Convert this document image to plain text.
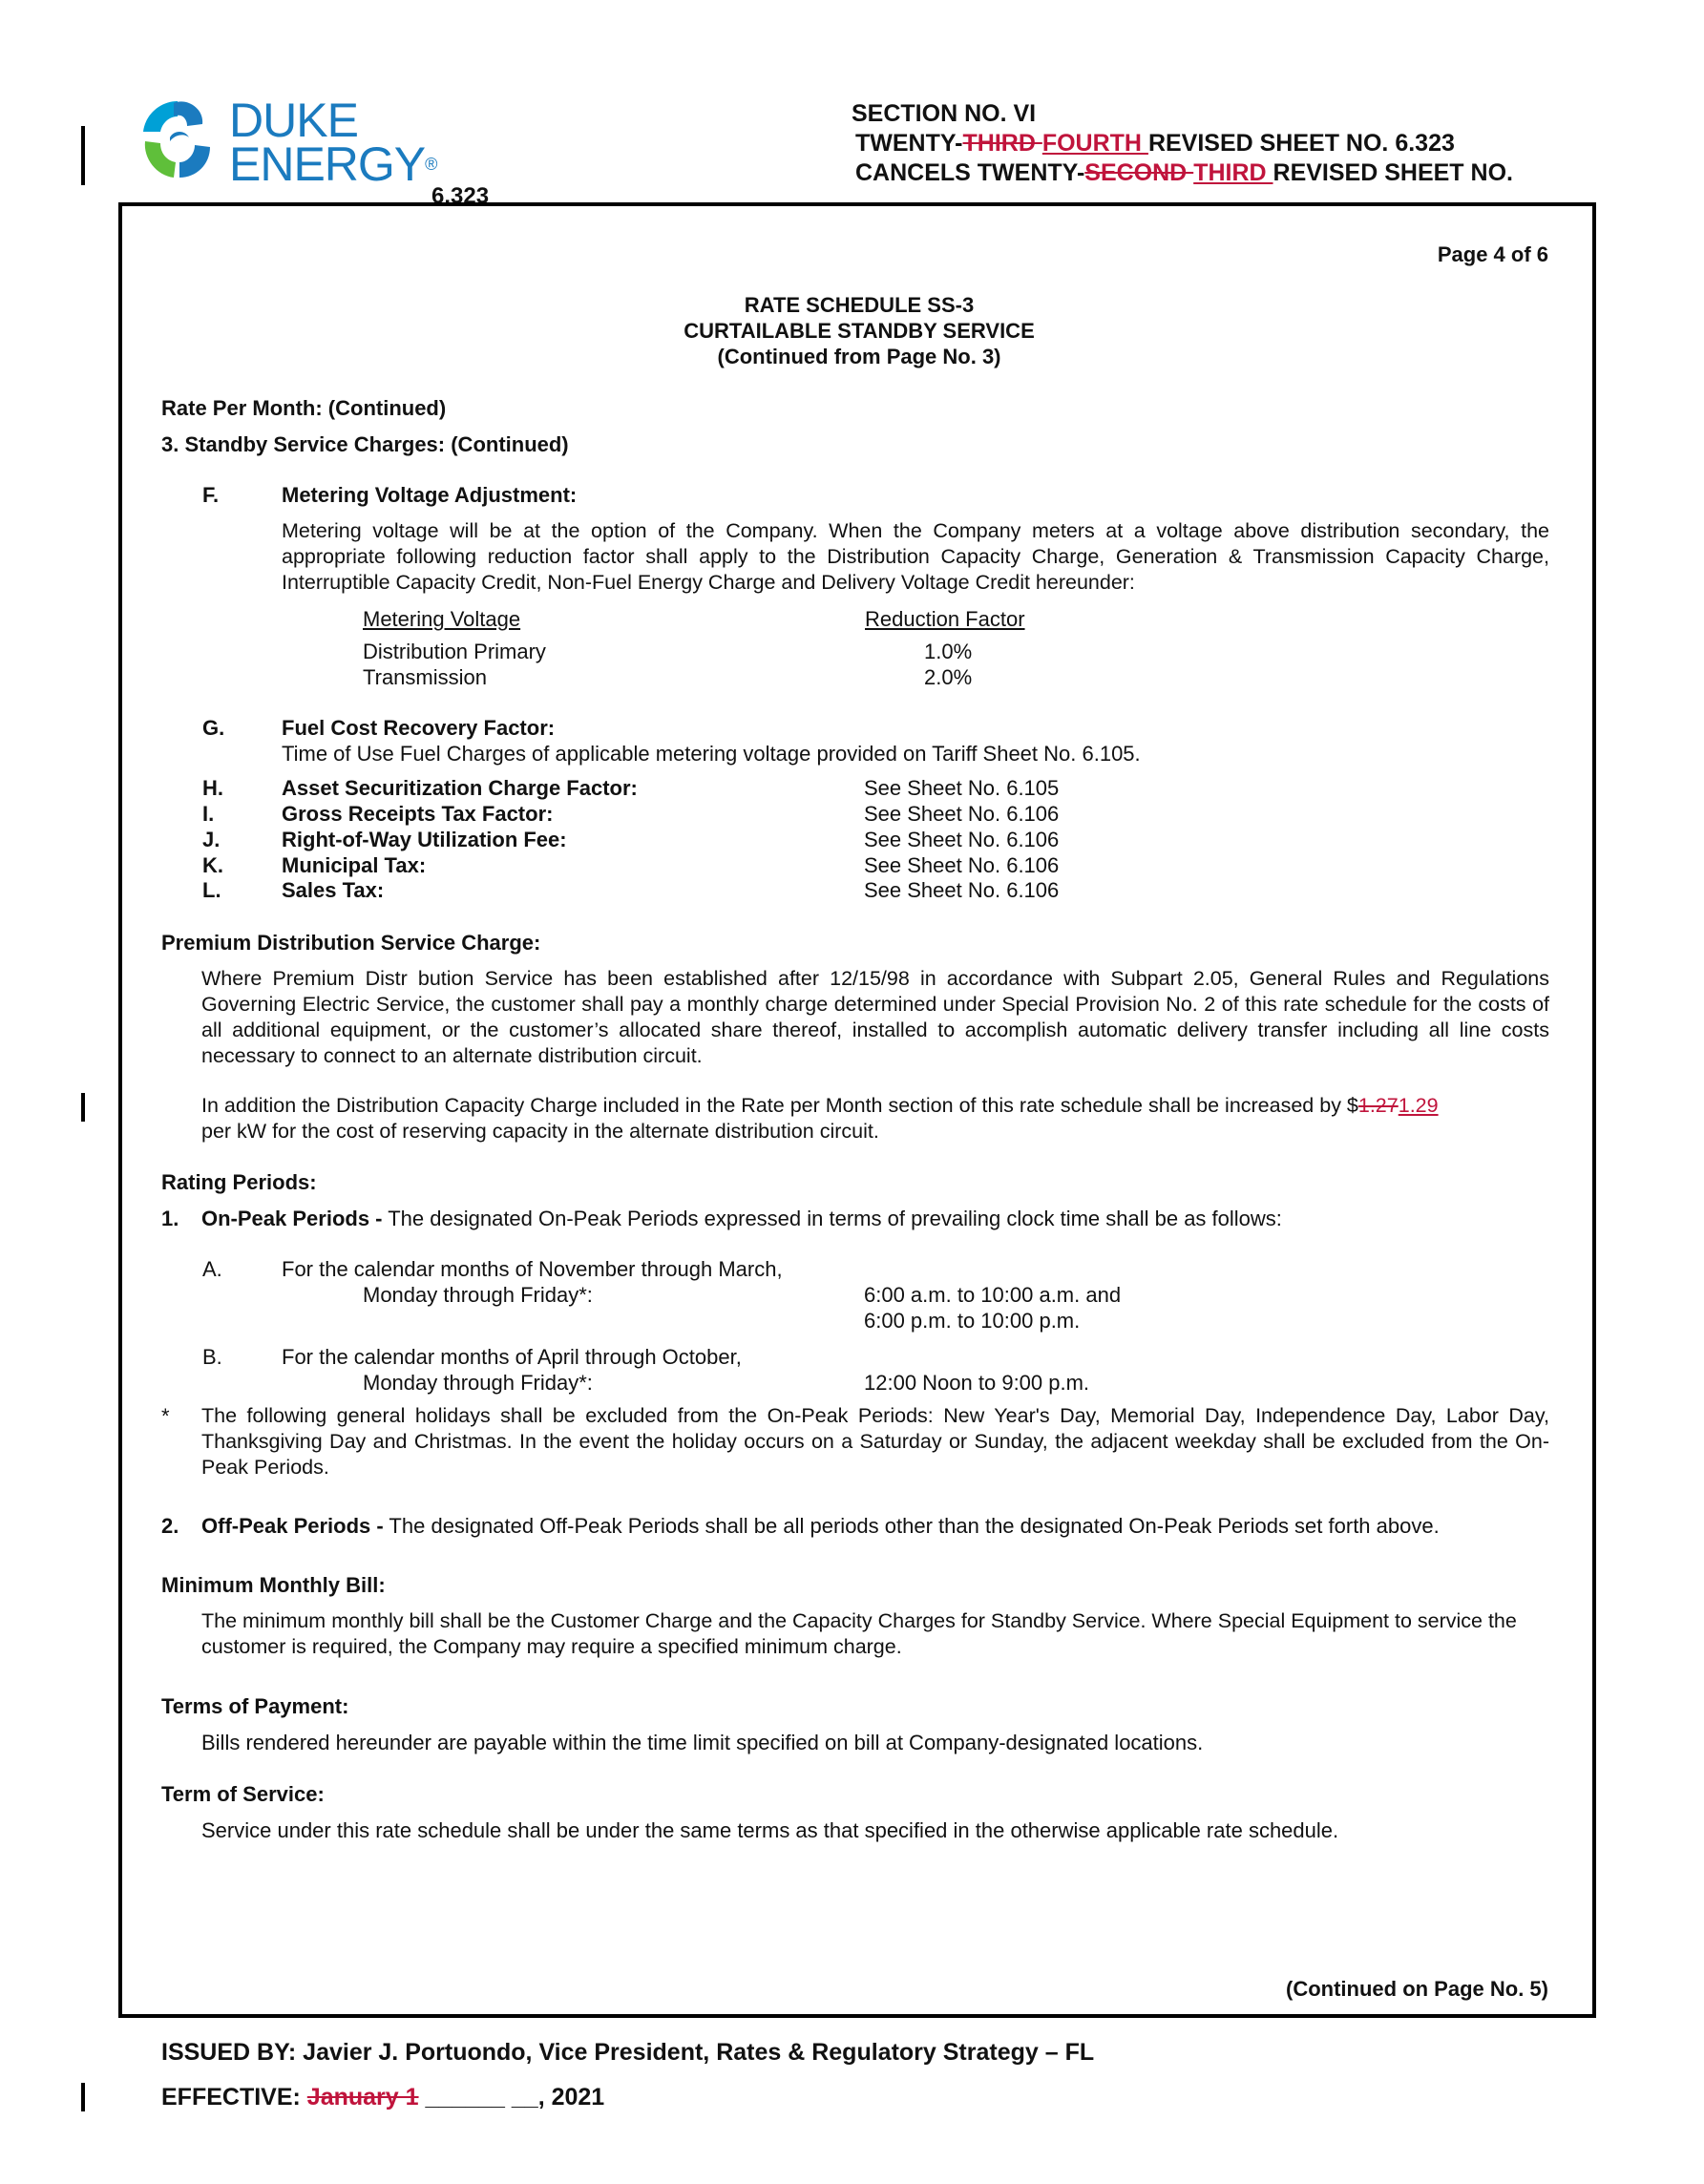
DUKE
ENERGY®
6.323
SECTION NO. VI
TWENTY-THIRD FOURTH REVISED SHEET NO. 6.323
CANCELS TWENTY-SECOND THIRD REVISED SHEET NO.
Page 4 of 6
RATE SCHEDULE SS-3
CURTAILABLE STANDBY SERVICE
(Continued from Page No. 3)
Rate Per Month: (Continued)
3. Standby Service Charges: (Continued)
F.	Metering Voltage Adjustment:
Metering voltage will be at the option of the Company. When the Company meters at a voltage above distribution secondary, the appropriate following reduction factor shall apply to the Distribution Capacity Charge, Generation & Transmission Capacity Charge, Interruptible Capacity Credit, Non-Fuel Energy Charge and Delivery Voltage Credit hereunder:
Metering Voltage	Reduction Factor
Distribution Primary	1.0%
Transmission	2.0%
G.	Fuel Cost Recovery Factor:
Time of Use Fuel Charges of applicable metering voltage provided on Tariff Sheet No. 6.105.
H.	Asset Securitization Charge Factor:	See Sheet No. 6.105
I.	Gross Receipts Tax Factor:	See Sheet No. 6.106
J.	Right-of-Way Utilization Fee:	See Sheet No. 6.106
K.	Municipal Tax:	See Sheet No. 6.106
L.	Sales Tax:	See Sheet No. 6.106
Premium Distribution Service Charge:
Where Premium Distr bution Service has been established after 12/15/98 in accordance with Subpart 2.05, General Rules and Regulations Governing Electric Service, the customer shall pay a monthly charge determined under Special Provision No. 2 of this rate schedule for the costs of all additional equipment, or the customer’s allocated share thereof, installed to accomplish automatic delivery transfer including all line costs necessary to connect to an alternate distribution circuit.
In addition the Distribution Capacity Charge included in the Rate per Month section of this rate schedule shall be increased by $1.271.29
per kW for the cost of reserving capacity in the alternate distribution circuit.
Rating Periods:
1. On-Peak Periods - The designated On-Peak Periods expressed in terms of prevailing clock time shall be as follows:
A.	For the calendar months of November through March,
Monday through Friday*:	6:00 a.m. to 10:00 a.m. and
6:00 p.m. to 10:00 p.m.
B.	For the calendar months of April through October,
Monday through Friday*:	12:00 Noon to 9:00 p.m.
* The following general holidays shall be excluded from the On-Peak Periods: New Year's Day, Memorial Day, Independence Day, Labor Day, Thanksgiving Day and Christmas. In the event the holiday occurs on a Saturday or Sunday, the adjacent weekday shall be excluded from the On-Peak Periods.
2. Off-Peak Periods - The designated Off-Peak Periods shall be all periods other than the designated On-Peak Periods set forth above.
Minimum Monthly Bill:
The minimum monthly bill shall be the Customer Charge and the Capacity Charges for Standby Service. Where Special Equipment to service the customer is required, the Company may require a specified minimum charge.
Terms of Payment:
Bills rendered hereunder are payable within the time limit specified on bill at Company-designated locations.
Term of Service:
Service under this rate schedule shall be under the same terms as that specified in the otherwise applicable rate schedule.
(Continued on Page No. 5)
ISSUED BY: Javier J. Portuondo, Vice President, Rates & Regulatory Strategy – FL
EFFECTIVE: January 1 ______ __, 2021
